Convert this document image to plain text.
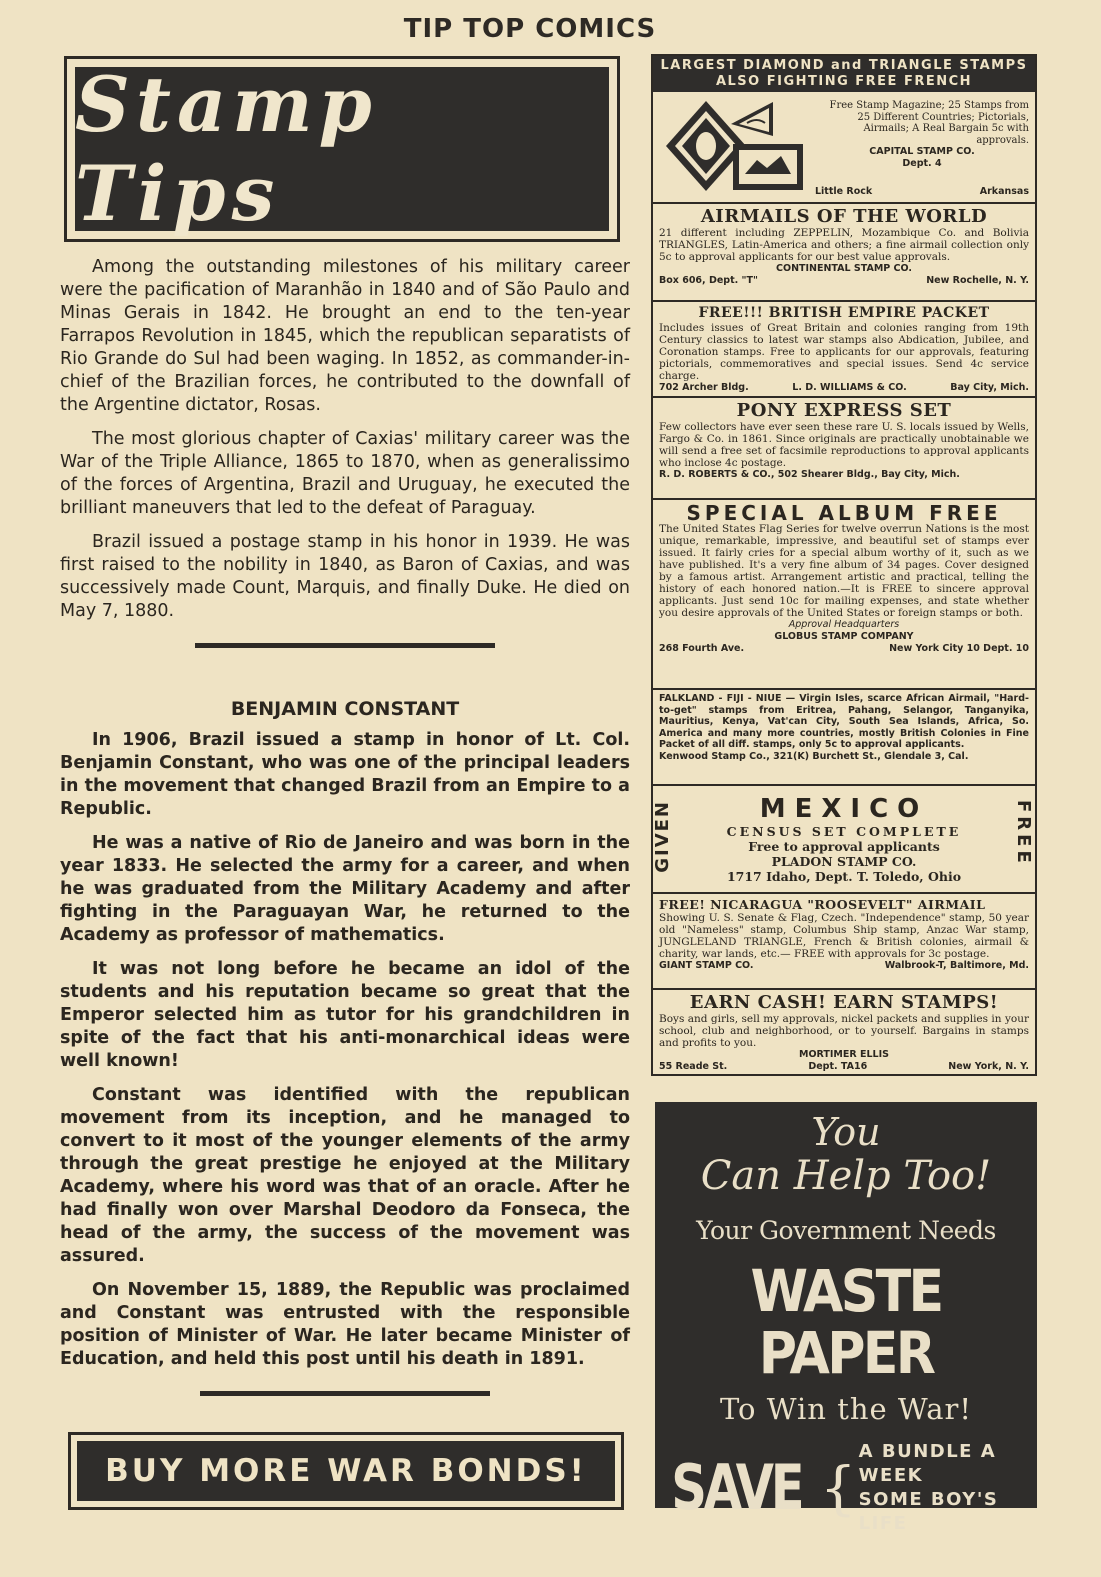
TIP TOP COMICS
Stamp Tips

Among the outstanding milestones of his military career were the pacification of Maranhão in 1840 and of São Paulo and Minas Gerais in 1842. He brought an end to the ten-year Farrapos Revolution in 1845, which the republican separatists of Rio Grande do Sul had been waging. In 1852, as commander-in-chief of the Brazilian forces, he contributed to the downfall of the Argentine dictator, Rosas.

The most glorious chapter of Caxias' military career was the War of the Triple Alliance, 1865 to 1870, when as generalissimo of the forces of Argentina, Brazil and Uruguay, he executed the brilliant maneuvers that led to the defeat of Paraguay.

Brazil issued a postage stamp in his honor in 1939. He was first raised to the nobility in 1840, as Baron of Caxias, and was successively made Count, Marquis, and finally Duke. He died on May 7, 1880.

BENJAMIN CONSTANT

In 1906, Brazil issued a stamp in honor of Lt. Col. Benjamin Constant, who was one of the principal leaders in the movement that changed Brazil from an Empire to a Republic.

He was a native of Rio de Janeiro and was born in the year 1833. He selected the army for a career, and when he was graduated from the Military Academy and after fighting in the Paraguayan War, he returned to the Academy as professor of mathematics.

It was not long before he became an idol of the students and his reputation became so great that the Emperor selected him as tutor for his grandchildren in spite of the fact that his anti-monarchical ideas were well known!

Constant was identified with the republican movement from its inception, and he managed to convert to it most of the younger elements of the army through the great prestige he enjoyed at the Military Academy, where his word was that of an oracle. After he had finally won over Marshal Deodoro da Fonseca, the head of the army, the success of the movement was assured.

On November 15, 1889, the Republic was proclaimed and Constant was entrusted with the responsible position of Minister of War. He later became Minister of Education, and held this post until his death in 1891.

BUY MORE WAR BONDS!
LARGEST DIAMOND and TRIANGLE STAMPS
ALSO FIGHTING FREE FRENCH
Free Stamp Magazine; 25 Stamps from 25 Different Countries; Pictorials, Airmails; A Real Bargain 5c with approvals.
CAPITAL STAMP CO.
Dept. 4
Little Rock	Arkansas
AIRMAILS OF THE WORLD
21 different including ZEPPELIN, Mozambique Co. and Bolivia TRIANGLES, Latin-America and others; a fine airmail collection only 5c to approval applicants for our best value approvals.
CONTINENTAL STAMP CO.
Box 606, Dept. "T"	New Rochelle, N. Y.
FREE!!! BRITISH EMPIRE PACKET
Includes issues of Great Britain and colonies ranging from 19th Century classics to latest war stamps also Abdication, Jubilee, and Coronation stamps. Free to applicants for our approvals, featuring pictorials, commemoratives and special issues. Send 4c service charge.
702 Archer Bldg.	L. D. WILLIAMS & CO.	Bay City, Mich.
PONY EXPRESS SET
Few collectors have ever seen these rare U. S. locals issued by Wells, Fargo & Co. in 1861. Since originals are practically unobtainable we will send a free set of facsimile reproductions to approval applicants who inclose 4c postage.
R. D. ROBERTS & CO., 502 Shearer Bldg., Bay City, Mich.
SPECIAL ALBUM FREE
The United States Flag Series for twelve overrun Nations is the most unique, remarkable, impressive, and beautiful set of stamps ever issued. It fairly cries for a special album worthy of it, such as we have published. It's a very fine album of 34 pages. Cover designed by a famous artist. Arrangement artistic and practical, telling the history of each honored nation.—It is FREE to sincere approval applicants. Just send 10c for mailing expenses, and state whether you desire approvals of the United States or foreign stamps or both.
Approval Headquarters
GLOBUS STAMP COMPANY
268 Fourth Ave.	New York City 10 Dept. 10
FALKLAND - FIJI - NIUE — Virgin Isles, scarce African Airmail, "Hard-to-get" stamps from Eritrea, Pahang, Selangor, Tanganyika, Mauritius, Kenya, Vat'can City, South Sea Islands, Africa, So. America and many more countries, mostly British Colonies in Fine Packet of all diff. stamps, only 5c to approval applicants.
Kenwood Stamp Co., 321(K) Burchett St., Glendale 3, Cal.
GIVEN	FREE
MEXICO
CENSUS SET COMPLETE
Free to approval applicants
PLADON STAMP CO.
1717 Idaho, Dept. T. Toledo, Ohio
FREE! NICARAGUA "ROOSEVELT" AIRMAIL
Showing U. S. Senate & Flag, Czech. "Independence" stamp, 50 year old "Nameless" stamp, Columbus Ship stamp, Anzac War stamp, JUNGLELAND TRIANGLE, French & British colonies, airmail & charity, war lands, etc.— FREE with approvals for 3c postage.
GIANT STAMP CO.	Walbrook-T, Baltimore, Md.
EARN CASH! EARN STAMPS!
Boys and girls, sell my approvals, nickel packets and supplies in your school, club and neighborhood, or to yourself. Bargains in stamps and profits to you.
MORTIMER ELLIS
55 Reade St.	Dept. TA16	New York, N. Y.
You
Can Help Too!
Your Government Needs
WASTE PAPER
To Win the War!
SAVE {
A BUNDLE A WEEK
SOME BOY'S LIFE
